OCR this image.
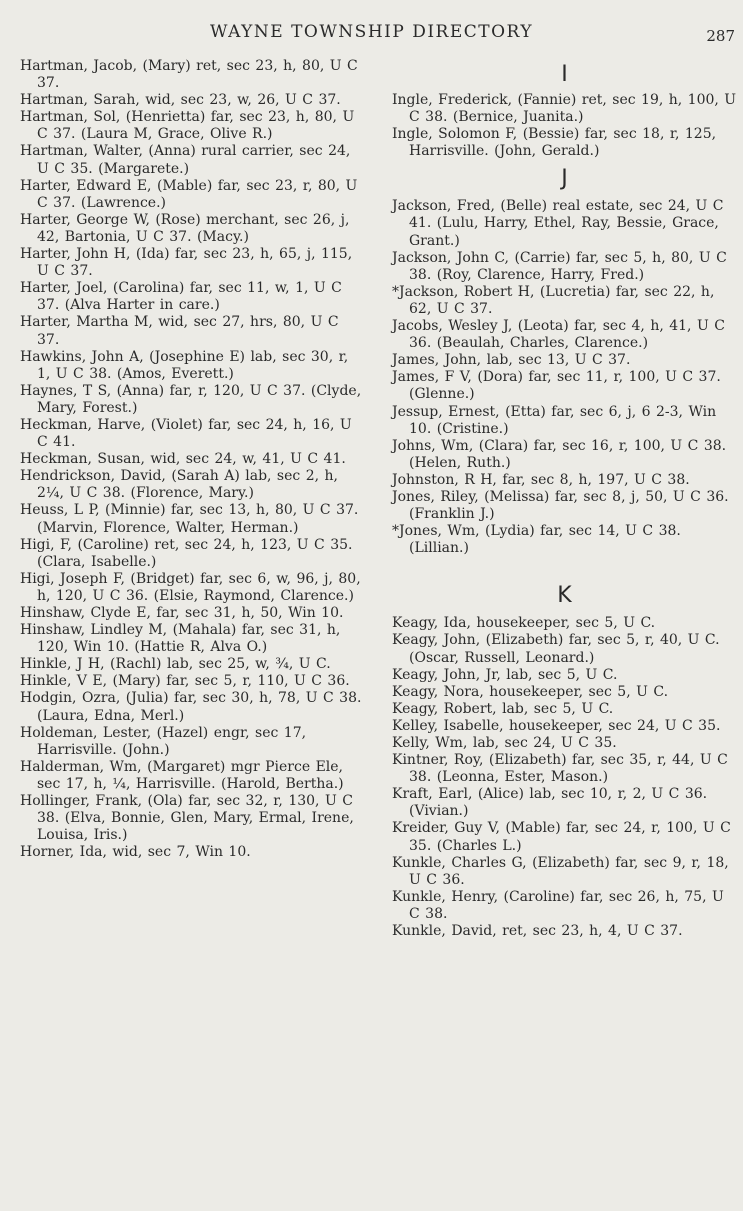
WAYNE TOWNSHIP DIRECTORY	287

Hartman, Jacob, (Mary) ret, sec 23, h, 80, U C 37.

Hartman, Sarah, wid, sec 23, w, 26, U C 37.

Hartman, Sol, (Henrietta) far, sec 23, h, 80, U C 37. (Laura M, Grace, Olive R.)

Hartman, Walter, (Anna) rural carrier, sec 24, U C 35. (Margarete.)

Harter, Edward E, (Mable) far, sec 23, r, 80, U C 37. (Lawrence.)

Harter, George W, (Rose) merchant, sec 26, j, 42, Bartonia, U C 37. (Macy.)

Harter, John H, (Ida) far, sec 23, h, 65, j, 115, U C 37.

Harter, Joel, (Carolina) far, sec 11, w, 1, U C 37. (Alva Harter in care.)

Harter, Martha M, wid, sec 27, hrs, 80, U C 37.

Hawkins, John A, (Josephine E) lab, sec 30, r, 1, U C 38. (Amos, Everett.)

Haynes, T S, (Anna) far, r, 120, U C 37. (Clyde, Mary, Forest.)

Heckman, Harve, (Violet) far, sec 24, h, 16, U C 41.

Heckman, Susan, wid, sec 24, w, 41, U C 41.

Hendrickson, David, (Sarah A) lab, sec 2, h, 2¼, U C 38. (Florence, Mary.)

Heuss, L P, (Minnie) far, sec 13, h, 80, U C 37. (Marvin, Florence, Walter, Herman.)

Higi, F, (Caroline) ret, sec 24, h, 123, U C 35. (Clara, Isabelle.)

Higi, Joseph F, (Bridget) far, sec 6, w, 96, j, 80, h, 120, U C 36. (Elsie, Raymond, Clarence.)

Hinshaw, Clyde E, far, sec 31, h, 50, Win 10.

Hinshaw, Lindley M, (Mahala) far, sec 31, h, 120, Win 10. (Hattie R, Alva O.)

Hinkle, J H, (Rachl) lab, sec 25, w, ¾, U C.

Hinkle, V E, (Mary) far, sec 5, r, 110, U C 36.

Hodgin, Ozra, (Julia) far, sec 30, h, 78, U C 38. (Laura, Edna, Merl.)

Holdeman, Lester, (Hazel) engr, sec 17, Harrisville. (John.)

Halderman, Wm, (Margaret) mgr Pierce Ele, sec 17, h, ¼, Harrisville. (Harold, Bertha.)

Hollinger, Frank, (Ola) far, sec 32, r, 130, U C 38. (Elva, Bonnie, Glen, Mary, Ermal, Irene, Louisa, Iris.)

Horner, Ida, wid, sec 7, Win 10.

I

Ingle, Frederick, (Fannie) ret, sec 19, h, 100, U C 38. (Bernice, Juanita.)

Ingle, Solomon F, (Bessie) far, sec 18, r, 125, Harrisville. (John, Gerald.)

J

Jackson, Fred, (Belle) real estate, sec 24, U C 41. (Lulu, Harry, Ethel, Ray, Bessie, Grace, Grant.)

Jackson, John C, (Carrie) far, sec 5, h, 80, U C 38. (Roy, Clarence, Harry, Fred.)

*Jackson, Robert H, (Lucretia) far, sec 22, h, 62, U C 37.

Jacobs, Wesley J, (Leota) far, sec 4, h, 41, U C 36. (Beaulah, Charles, Clarence.)

James, John, lab, sec 13, U C 37.

James, F V, (Dora) far, sec 11, r, 100, U C 37. (Glenne.)

Jessup, Ernest, (Etta) far, sec 6, j, 6 2-3, Win 10. (Cristine.)

Johns, Wm, (Clara) far, sec 16, r, 100, U C 38. (Helen, Ruth.)

Johnston, R H, far, sec 8, h, 197, U C 38.

Jones, Riley, (Melissa) far, sec 8, j, 50, U C 36. (Franklin J.)

*Jones, Wm, (Lydia) far, sec 14, U C 38. (Lillian.)

K

Keagy, Ida, housekeeper, sec 5, U C.

Keagy, John, (Elizabeth) far, sec 5, r, 40, U C. (Oscar, Russell, Leonard.)

Keagy, John, Jr, lab, sec 5, U C.

Keagy, Nora, housekeeper, sec 5, U C.

Keagy, Robert, lab, sec 5, U C.

Kelley, Isabelle, housekeeper, sec 24, U C 35.

Kelly, Wm, lab, sec 24, U C 35.

Kintner, Roy, (Elizabeth) far, sec 35, r, 44, U C 38. (Leonna, Ester, Mason.)

Kraft, Earl, (Alice) lab, sec 10, r, 2, U C 36. (Vivian.)

Kreider, Guy V, (Mable) far, sec 24, r, 100, U C 35. (Charles L.)

Kunkle, Charles G, (Elizabeth) far, sec 9, r, 18, U C 36.

Kunkle, Henry, (Caroline) far, sec 26, h, 75, U C 38.

Kunkle, David, ret, sec 23, h, 4, U C 37.
